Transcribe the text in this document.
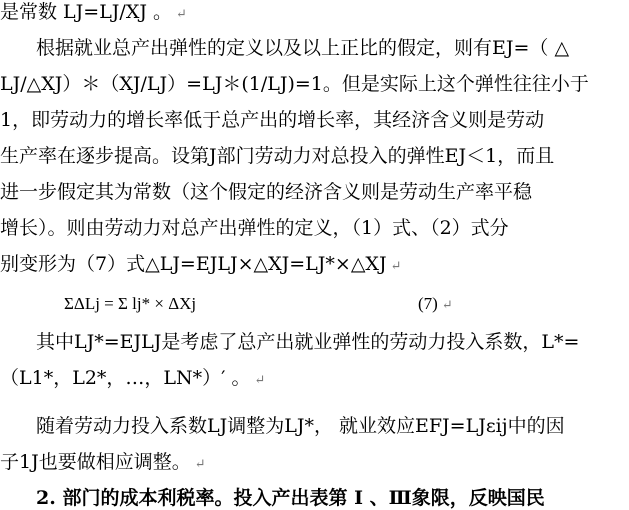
是常数 LJ=LJ/XJ 。 ↵
根据就业总产出弹性的定义以及以上正比的假定，则有EJ=（ △
LJ/△XJ）＊（XJ/LJ）=LJ＊(1/LJ)=1。但是实际上这个弹性往往小于
1，即劳动力的增长率低于总产出的增长率，其经济含义则是劳动
生产率在逐步提高。设第J部门劳动力对总投入的弹性EJ＜1，而且
进一步假定其为常数（这个假定的经济含义则是劳动生产率平稳
增长）。则由劳动力对总产出弹性的定义，（1）式、（2）式分
别变形为（7）式△LJ=EJLJ×△XJ=LJ*×△XJ ↵
ΣΔLj = Σ lj* × ΔXj	(7) ↵
其中LJ*=EJLJ是考虑了总产出就业弹性的劳动力投入系数，L*=
（L1*，L2*，…，LN*）′ 。 ↵
随着劳动力投入系数LJ调整为LJ*， 就业效应EFJ=LJεij中的因
子1J也要做相应调整。 ↵
2. 部门的成本利税率。投入产出表第 Ⅰ 、Ⅲ象限，反映国民
